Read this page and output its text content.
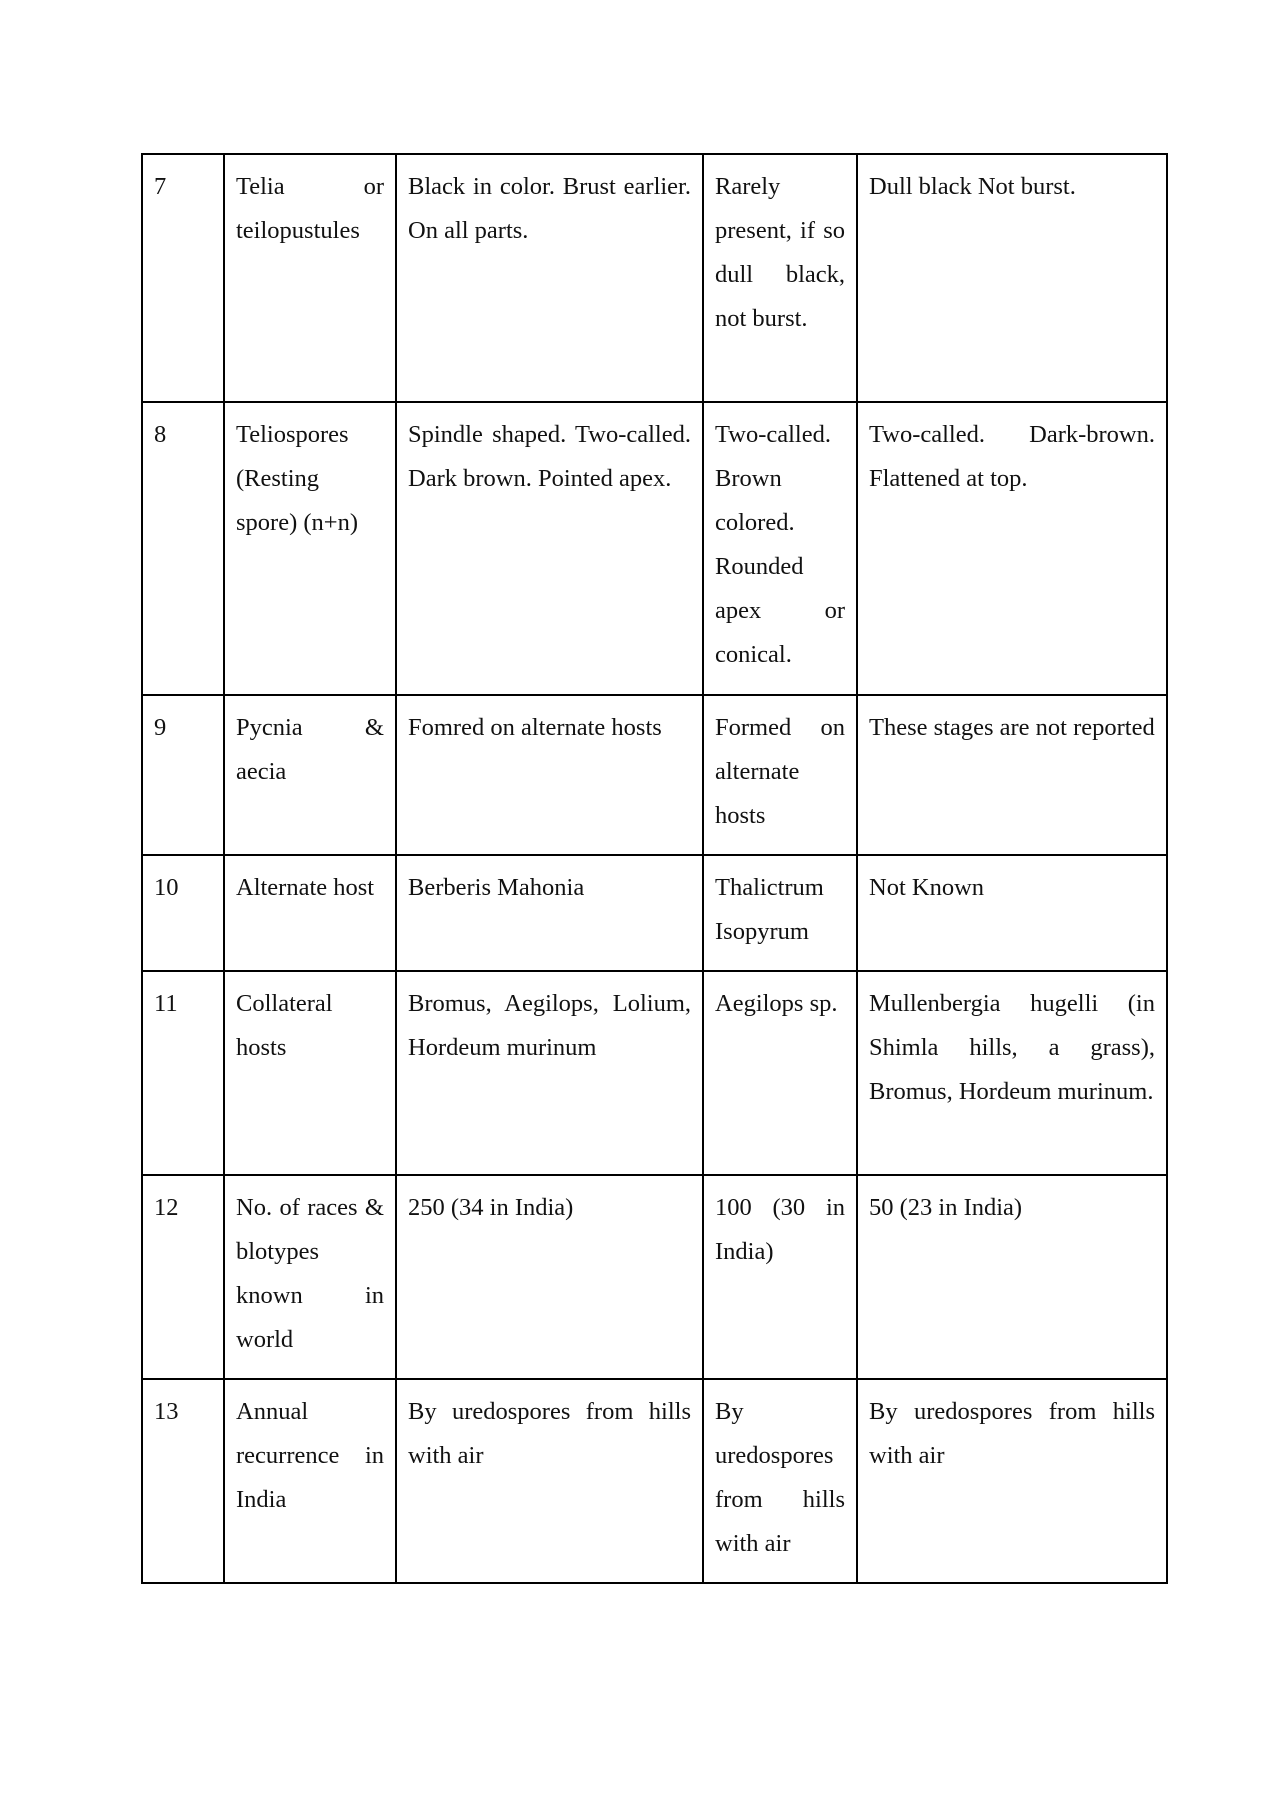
7	Telia or teilopustules	Black in color. Brust earlier. On all parts.	Rarely present, if so dull black, not burst.	Dull black Not burst.
8	Teliospores (Resting spore) (n+n)	Spindle shaped. Two-called. Dark brown. Pointed apex.	Two-called. Brown colored. Rounded apex or conical.	Two-called. Dark-brown. Flattened at top.
9	Pycnia & aecia	Fomred on alternate hosts	Formed on alternate hosts	These stages are not reported
10	Alternate host	Berberis Mahonia	Thalictrum Isopyrum	Not Known
11	Collateral hosts	Bromus, Aegilops, Lolium, Hordeum murinum	Aegilops sp.	Mullenbergia hugelli (in Shimla hills, a grass), Bromus, Hordeum murinum.
12	No. of races & blotypes known in world	250 (34 in India)	100 (30 in India)	50 (23 in India)
13	Annual recurrence in India	By uredospores from hills with air	By uredospores from hills with air	By uredospores from hills with air
